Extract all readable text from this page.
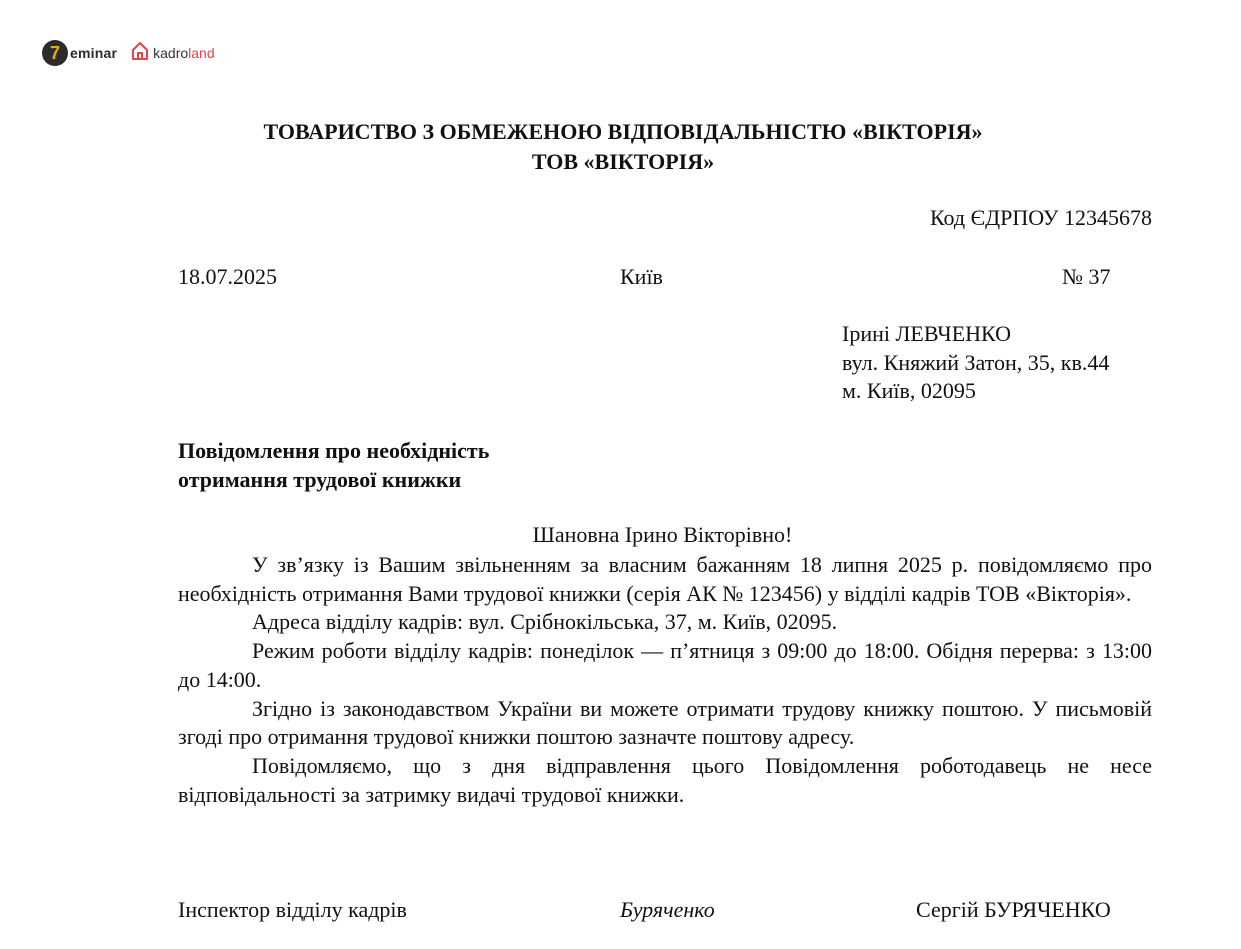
7 eminar	kadroland
ТОВАРИСТВО З ОБМЕЖЕНОЮ ВІДПОВІДАЛЬНІСТЮ «ВІКТОРІЯ»
ТОВ «ВІКТОРІЯ»
Код ЄДРПОУ 12345678
18.07.2025	Київ	№ 37
Ірині ЛЕВЧЕНКО
вул. Княжий Затон, 35, кв.44
м. Київ, 02095
Повідомлення про необхідність
отримання трудової книжки
Шановна Ірино Вікторівно!

У зв’язку із Вашим звільненням за власним бажанням 18 липня 2025 р. повідомляємо про необхідність отримання Вами трудової книжки (серія АК № 123456) у відділі кадрів ТОВ «Вікторія».

Адреса відділу кадрів: вул. Срібнокільська, 37, м. Київ, 02095.

Режим роботи відділу кадрів: понеділок — п’ятниця з 09:00 до 18:00. Обідня перерва: з 13:00 до 14:00.

Згідно із законодавством України ви можете отримати трудову книжку поштою. У письмовій згоді про отримання трудової книжки поштою зазначте поштову адресу.

Повідомляємо, що з дня відправлення цього Повідомлення роботодавець не несе відповідальності за затримку видачі трудової книжки.

Інспектор відділу кадрів	Буряченко	Сергій БУРЯЧЕНКО
